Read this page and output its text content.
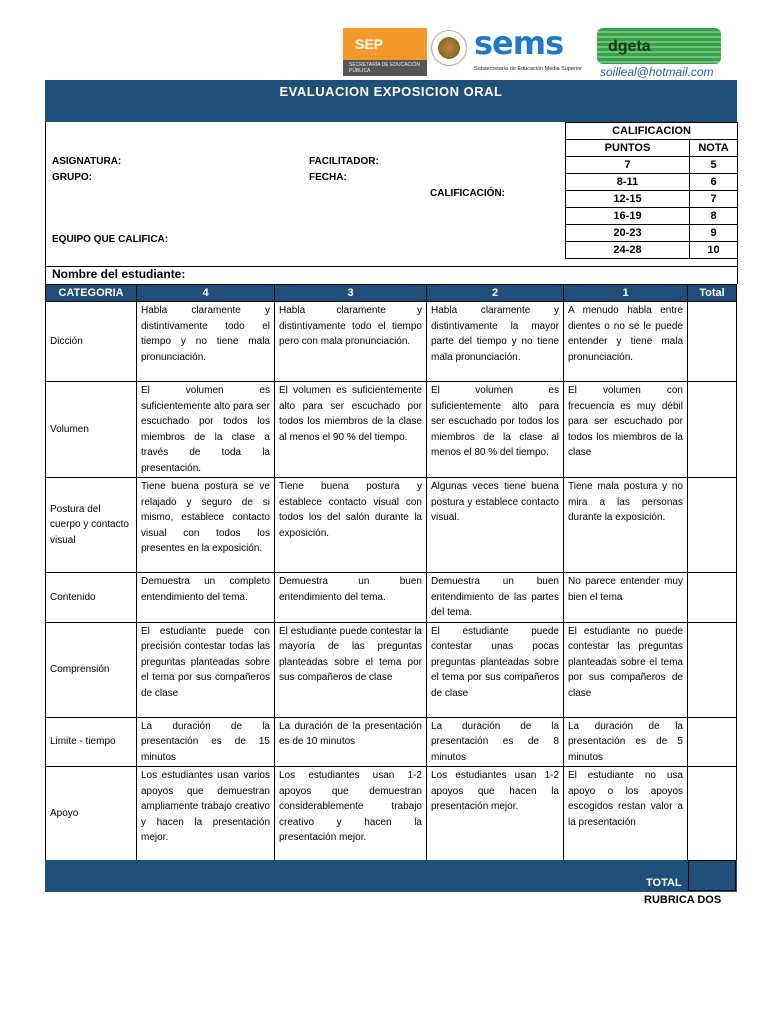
SEP
SECRETARÍA DE EDUCACIÓN PÚBLICA
sems
Subsecretaría de Educación Media Superior
dgeta
soilleal@hotmail.com
EVALUACION EXPOSICION ORAL
ASIGNATURA:
GRUPO:
FACILITADOR:
FECHA:
CALIFICACIÓN:
EQUIPO QUE CALIFICA:
CALIFICACION	
PUNTOS	NOTA
7	5
8-11	6
12-15	7
16-19	8
20-23	9
24-28	10
Nombre del estudiante:
CATEGORIA	4	3	2	1	Total
Dicción	Habla claramente y distintivamente todo el tiempo y no tiene mala pronunciación.	Habla claramente y distintivamente todo el tiempo pero con mala pronunciación.	Habla claramente y distintivamente la mayor parte del tiempo y no tiene mala pronunciación.	A menudo habla entre dientes o no se le puede entender y tiene mala pronunciación.	
Volumen	El volumen es suficientemente alto para ser escuchado por todos los miembros de la clase a través de toda la presentación.	El volumen es suficientemente alto para ser escuchado por todos los miembros de la clase al menos el 90 % del tiempo.	El volumen es suficientemente alto para ser escuchado por todos los miembros de la clase al menos el 80 % del tiempo.	El volumen con frecuencia es muy débil para ser escuchado por todos los miembros de la clase	
Postura del cuerpo y contacto visual	Tiene buena postura se ve relajado y seguro de si mismo, establece contacto visual con todos los presentes en la exposición.	Tiene buena postura y establece contacto visual con todos los del salón durante la exposición.	Algunas veces tiene buena postura y establece contacto visual.	Tiene mala postura y no mira a las personas durante la exposición.	
Contenido	Demuestra un completo entendimiento del tema.	Demuestra un buen entendimiento del tema.	Demuestra un buen entendimiento de las partes del tema.	No parece entender muy bien el tema	
Comprensión	El estudiante puede con precisión contestar todas las preguntas planteadas sobre el tema por sus compañeros de clase	El estudiante puede contestar la mayoría de las preguntas planteadas sobre el tema por sus compañeros de clase	El estudiante puede contestar unas pocas preguntas planteadas sobre el tema por sus compañeros de clase	El estudiante no puede contestar las preguntas planteadas sobre el tema por sus compañeros de clase	
Limite - tiempo	La duración de la presentación es de 15 minutos	La duración de la presentación es de 10 minutos	La duración de la presentación es de 8 minutos	La duración de la presentación es de 5 minutos	
Apoyo	Los estudiantes usan varios apoyos que demuestran ampliamente trabajo creativo y hacen la presentación mejor.	Los estudiantes usan 1-2 apoyos que demuestran considerablemente trabajo creativo y hacen la presentación mejor.	Los estudiantes usan 1-2 apoyos que hacen la presentación mejor.	El estudiante no usa apoyo o los apoyos escogidos restan valor a la presentación	
TOTAL
RUBRICA DOS
